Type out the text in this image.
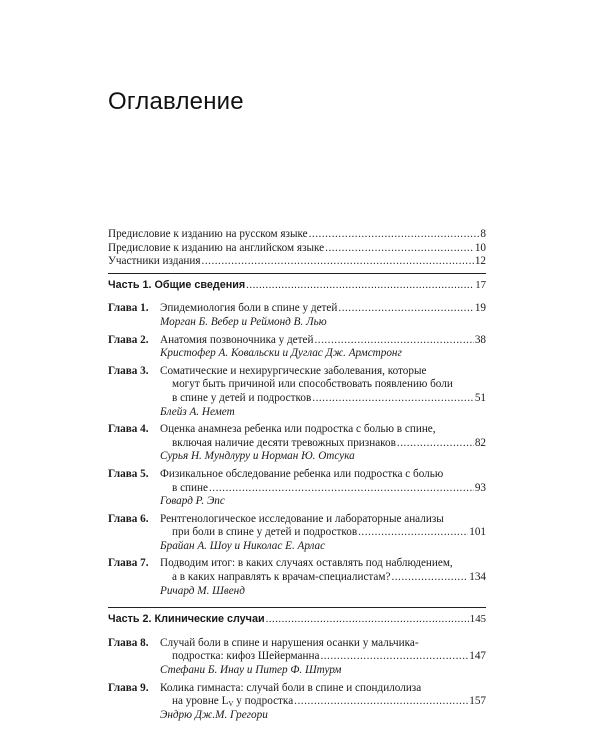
Оглавление
Предисловие к изданию на русском языке .....	8
Предисловие к изданию на английском языке .....	10
Участники издания .....	12
Часть 1. Общие сведения .....	17
Глава 1.	Эпидемиология боли в спине у детей .....	19
Морган Б. Вебер и Реймонд В. Лью
Глава 2.	Анатомия позвоночника у детей .....	38
Кристофер А. Ковальски и Дуглас Дж. Армстронг
Глава 3.	Соматические и нехирургические заболевания, которые
могут быть причиной или способствовать появлению боли
в спине у детей и подростков .....	51
Блейз А. Немет
Глава 4.	Оценка анамнеза ребенка или подростка с болью в спине,
включая наличие десяти тревожных признаков .....	82
Сурья Н. Мундлуру и Норман Ю. Отсука
Глава 5.	Физикальное обследование ребенка или подростка с болью
в спине .....	93
Говард Р. Эпс
Глава 6.	Рентгенологическое исследование и лабораторные анализы
при боли в спине у детей и подростков .....	101
Брайан А. Шоу и Николас Е. Арлас
Глава 7.	Подводим итог: в каких случаях оставлять под наблюдением,
а в каких направлять к врачам-специалистам? .....	134
Ричард М. Швенд
Часть 2. Клинические случаи .....	145
Глава 8.	Случай боли в спине и нарушения осанки у мальчика-
подростка: кифоз Шейерманна .....	147
Стефани Б. Инау и Питер Ф. Штурм
Глава 9.	Колика гимнаста: случай боли в спине и спондилолиза
на уровне $L_V$ у подростка .....	157
Эндрю Дж.М. Грегори
